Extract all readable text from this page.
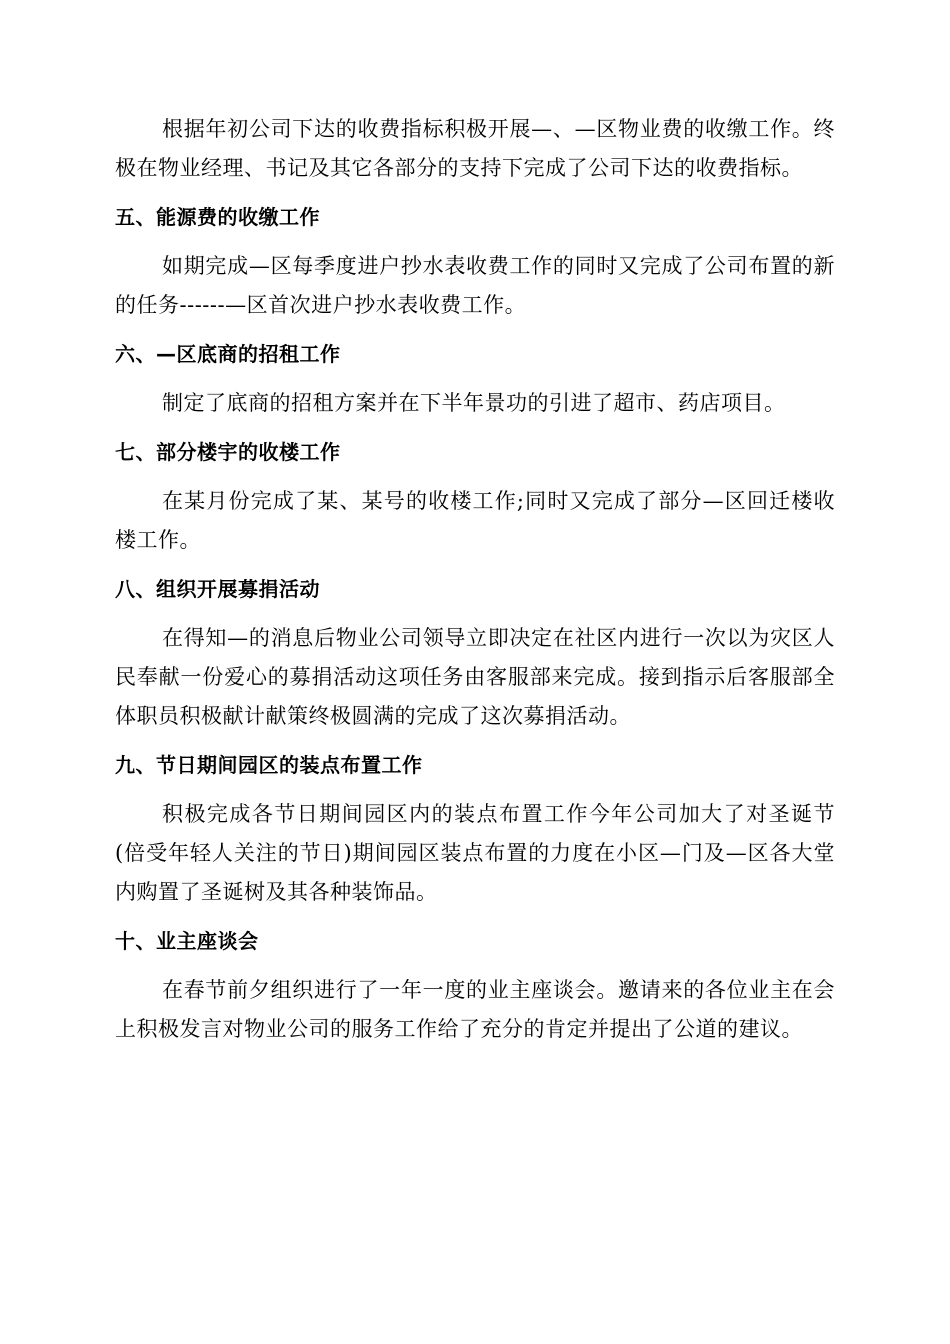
根据年初公司下达的收费指标积极开展—、—区物业费的收缴工作。终极在物业经理、书记及其它各部分的支持下完成了公司下达的收费指标。

五、能源费的收缴工作

如期完成—区每季度进户抄水表收费工作的同时又完成了公司布置的新的任务------—区首次进户抄水表收费工作。

六、—区底商的招租工作

制定了底商的招租方案并在下半年景功的引进了超市、药店项目。

七、部分楼宇的收楼工作

在某月份完成了某、某号的收楼工作;同时又完成了部分—区回迁楼收楼工作。

八、组织开展募捐活动

在得知—的消息后物业公司领导立即决定在社区内进行一次以为灾区人民奉献一份爱心的募捐活动这项任务由客服部来完成。接到指示后客服部全体职员积极献计献策终极圆满的完成了这次募捐活动。

九、节日期间园区的装点布置工作

积极完成各节日期间园区内的装点布置工作今年公司加大了对圣诞节(倍受年轻人关注的节日)期间园区装点布置的力度在小区—门及—区各大堂内购置了圣诞树及其各种装饰品。

十、业主座谈会

在春节前夕组织进行了一年一度的业主座谈会。邀请来的各位业主在会上积极发言对物业公司的服务工作给了充分的肯定并提出了公道的建议。
